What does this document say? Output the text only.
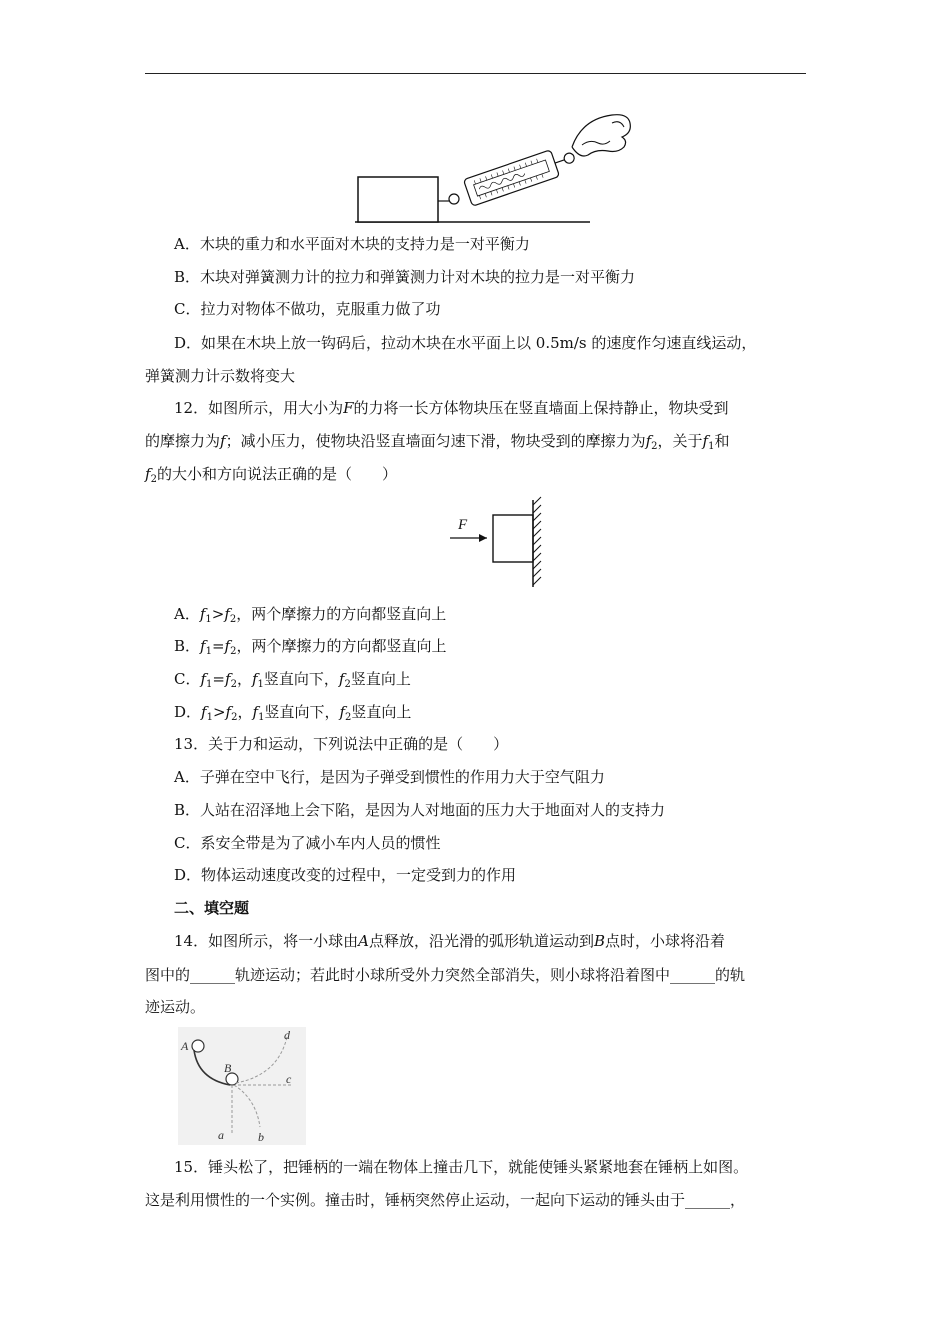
A．木块的重力和水平面对木块的支持力是一对平衡力
B．木块对弹簧测力计的拉力和弹簧测力计对木块的拉力是一对平衡力
C．拉力对物体不做功，克服重力做了功
D．如果在木块上放一钩码后，拉动木块在水平面上以 0.5m/s 的速度作匀速直线运动，
弹簧测力计示数将变大
12．如图所示，用大小为F的力将一长方体物块压在竖直墙面上保持静止，物块受到
的摩擦力为f；减小压力，使物块沿竖直墙面匀速下滑，物块受到的摩擦力为$f_2$，关于$f_1$和
$f_2$的大小和方向说法正确的是（　　）
F
A．$f_1>f_2$，两个摩擦力的方向都竖直向上
B．$f_1=f_2$，两个摩擦力的方向都竖直向上
C．$f_1=f_2$，$f_1$竖直向下，$f_2$竖直向上
D．$f_1>f_2$，$f_1$竖直向下，$f_2$竖直向上
13．关于力和运动，下列说法中正确的是（　　）
A．子弹在空中飞行，是因为子弹受到惯性的作用力大于空气阻力
B．人站在沼泽地上会下陷，是因为人对地面的压力大于地面对人的支持力
C．系安全带是为了减小车内人员的惯性
D．物体运动速度改变的过程中，一定受到力的作用
二、填空题
14．如图所示，将一小球由A点释放，沿光滑的弧形轨道运动到B点时，小球将沿着
图中的______轨迹运动；若此时小球所受外力突然全部消失，则小球将沿着图中______的轨
迹运动。
A
B
a	b
c
d
15．锤头松了，把锤柄的一端在物体上撞击几下，就能使锤头紧紧地套在锤柄上如图。
这是利用惯性的一个实例。撞击时，锤柄突然停止运动，一起向下运动的锤头由于______，
